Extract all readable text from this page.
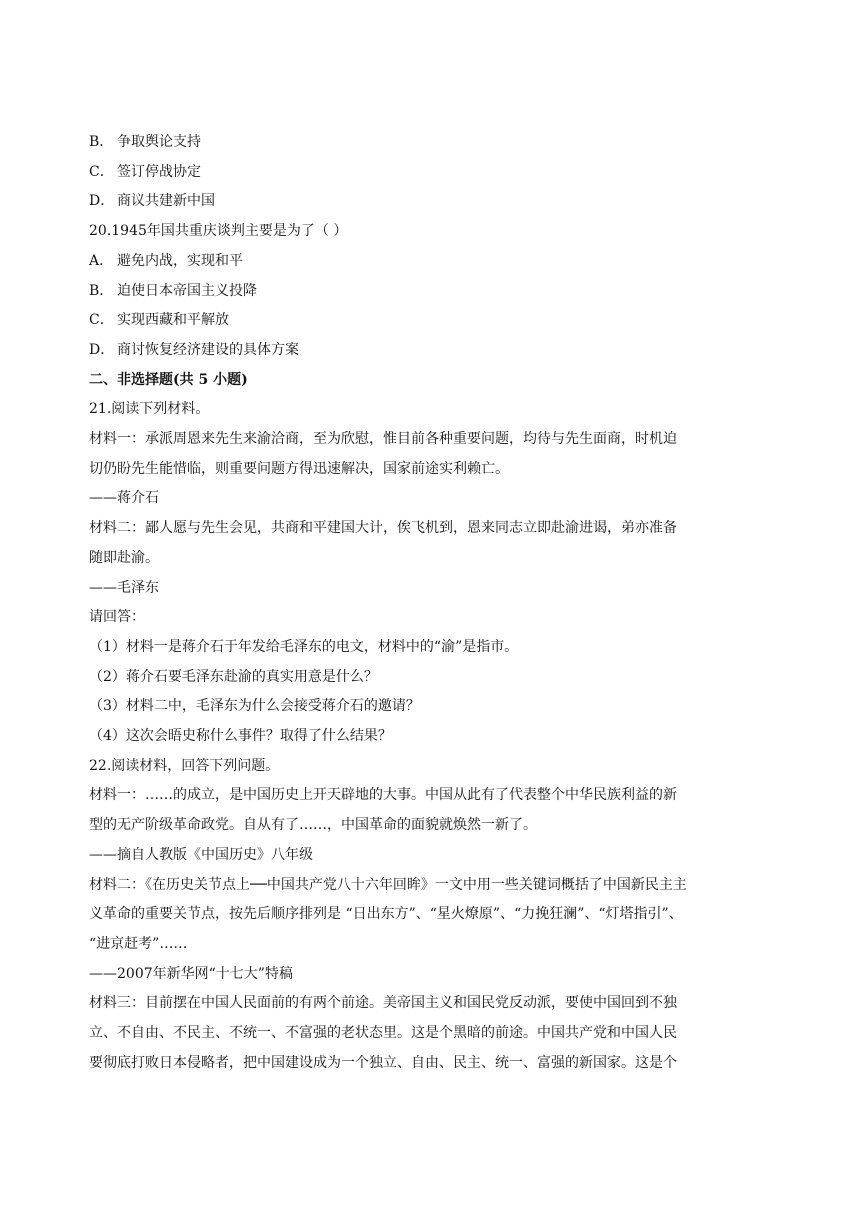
B． 争取舆论支持
C． 签订停战协定
D． 商议共建新中国
20.1945年国共重庆谈判主要是为了（ ）
A． 避免内战，实现和平
B． 迫使日本帝国主义投降
C． 实现西藏和平解放
D． 商讨恢复经济建设的具体方案
二、非选择题(共 5 小题)
21.阅读下列材料。
材料一：承派周恩来先生来渝洽商，至为欣慰，惟目前各种重要问题，均待与先生面商，时机迫
切仍盼先生能惜临，则重要问题方得迅速解决，国家前途实利赖亡。
——蒋介石
材料二：鄙人愿与先生会见，共商和平建国大计，俟飞机到，恩来同志立即赴渝进谒，弟亦准备
随即赴渝。
——毛泽东
请回答：
（1）材料一是蒋介石于年发给毛泽东的电文，材料中的“渝”是指市。
（2）蒋介石要毛泽东赴渝的真实用意是什么？
（3）材料二中，毛泽东为什么会接受蒋介石的邀请？
（4）这次会晤史称什么事件？取得了什么结果？
22.阅读材料，回答下列问题。
材料一：……的成立，是中国历史上开天辟地的大事。中国从此有了代表整个中华民族利益的新
型的无产阶级革命政党。自从有了……，中国革命的面貌就焕然一新了。
——摘自人教版《中国历史》八年级
材料二：《在历史关节点上──中国共产党八十六年回眸》一文中用一些关键词概括了中国新民主主
义革命的重要关节点，按先后顺序排列是 “日出东方”、“星火燎原”、“力挽狂澜”、“灯塔指引”、
“进京赶考”……
——2007年新华网“十七大”特稿
材料三：目前摆在中国人民面前的有两个前途。美帝国主义和国民党反动派，要使中国回到不独
立、不自由、不民主、不统一、不富强的老状态里。这是个黑暗的前途。中国共产党和中国人民
要彻底打败日本侵略者，把中国建设成为一个独立、自由、民主、统一、富强的新国家。这是个
